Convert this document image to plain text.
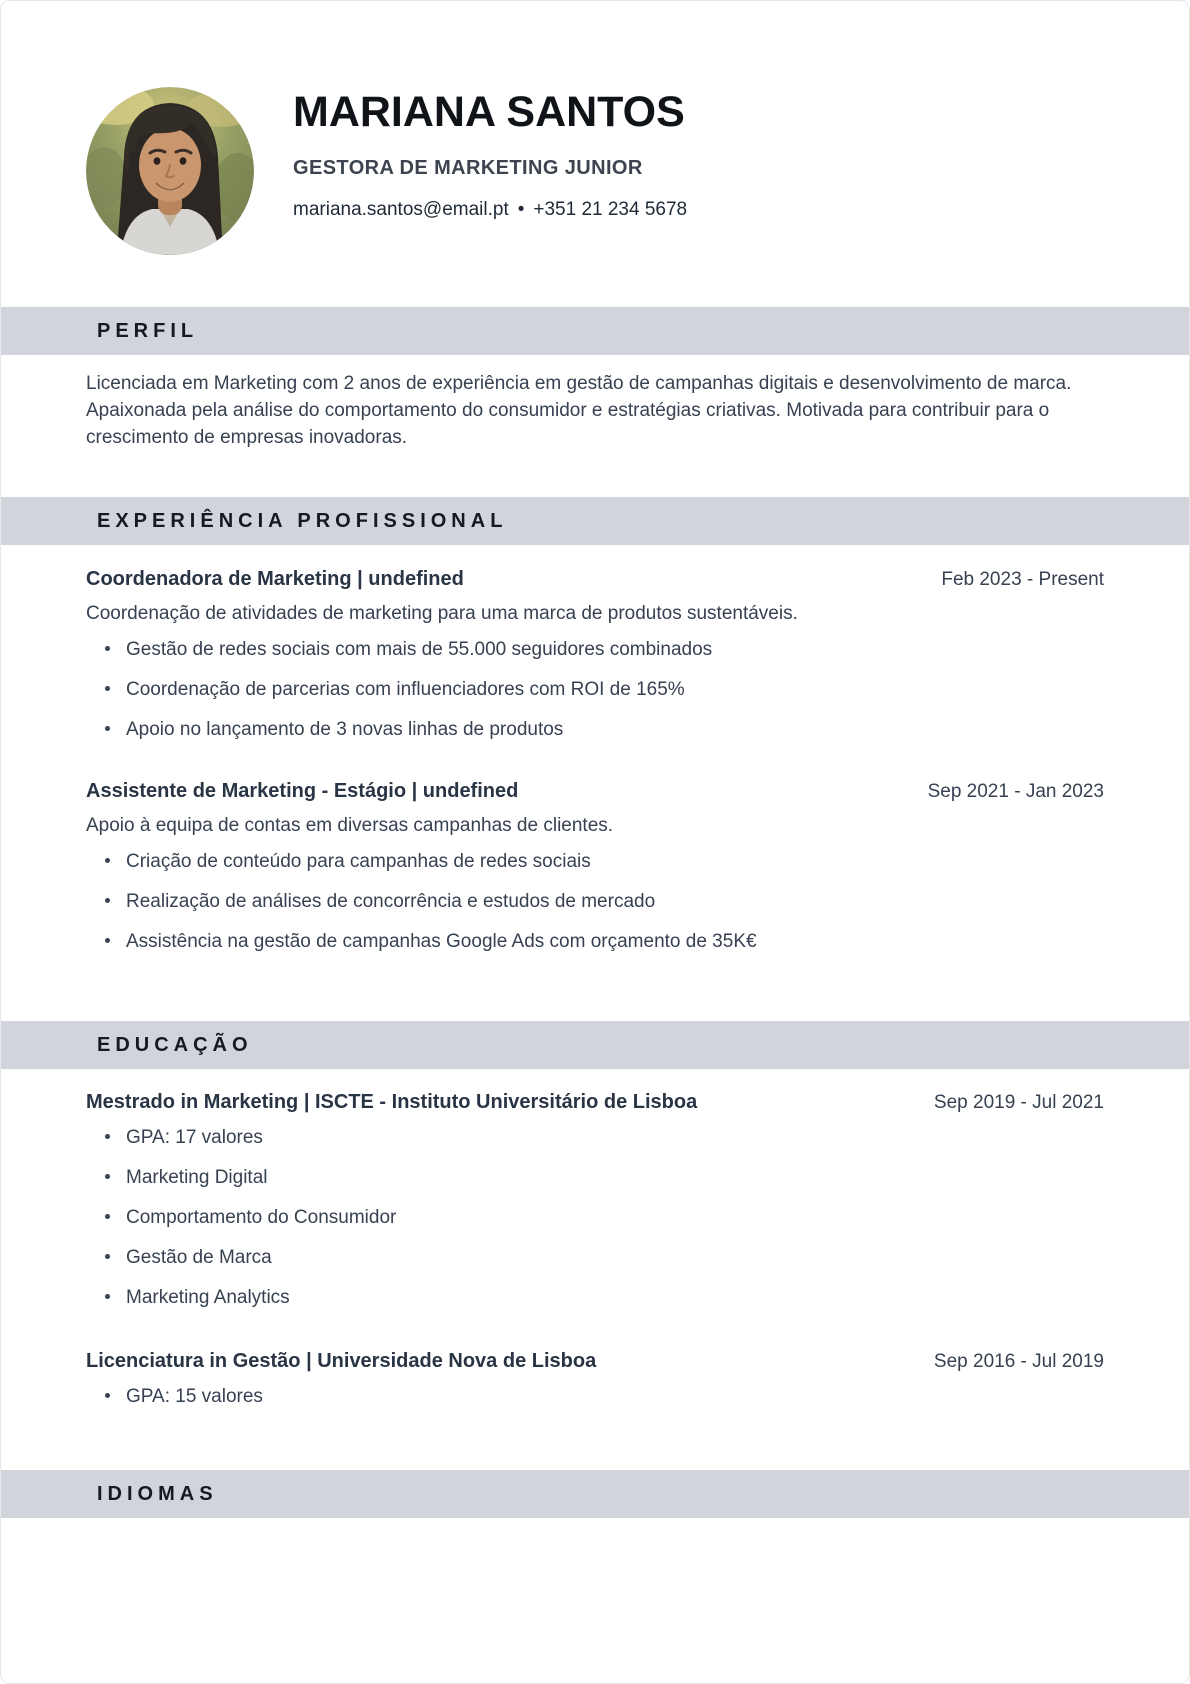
MARIANA SANTOS
GESTORA DE MARKETING JUNIOR
mariana.santos@email.pt • +351 21 234 5678
PERFIL

Licenciada em Marketing com 2 anos de experiência em gestão de campanhas digitais e desenvolvimento de marca. Apaixonada pela análise do comportamento do consumidor e estratégias criativas. Motivada para contribuir para o crescimento de empresas inovadoras.

EXPERIÊNCIA PROFISSIONAL
Coordenadora de Marketing | undefined	Feb 2023 - Present

Coordenação de atividades de marketing para uma marca de produtos sustentáveis.

Gestão de redes sociais com mais de 55.000 seguidores combinados
Coordenação de parcerias com influenciadores com ROI de 165%
Apoio no lançamento de 3 novas linhas de produtos
Assistente de Marketing - Estágio | undefined	Sep 2021 - Jan 2023

Apoio à equipa de contas em diversas campanhas de clientes.

Criação de conteúdo para campanhas de redes sociais
Realização de análises de concorrência e estudos de mercado
Assistência na gestão de campanhas Google Ads com orçamento de 35K€
EDUCAÇÃO
Mestrado in Marketing | ISCTE - Instituto Universitário de Lisboa	Sep 2019 - Jul 2021
GPA: 17 valores
Marketing Digital
Comportamento do Consumidor
Gestão de Marca
Marketing Analytics
Licenciatura in Gestão | Universidade Nova de Lisboa	Sep 2016 - Jul 2019
GPA: 15 valores
IDIOMAS
